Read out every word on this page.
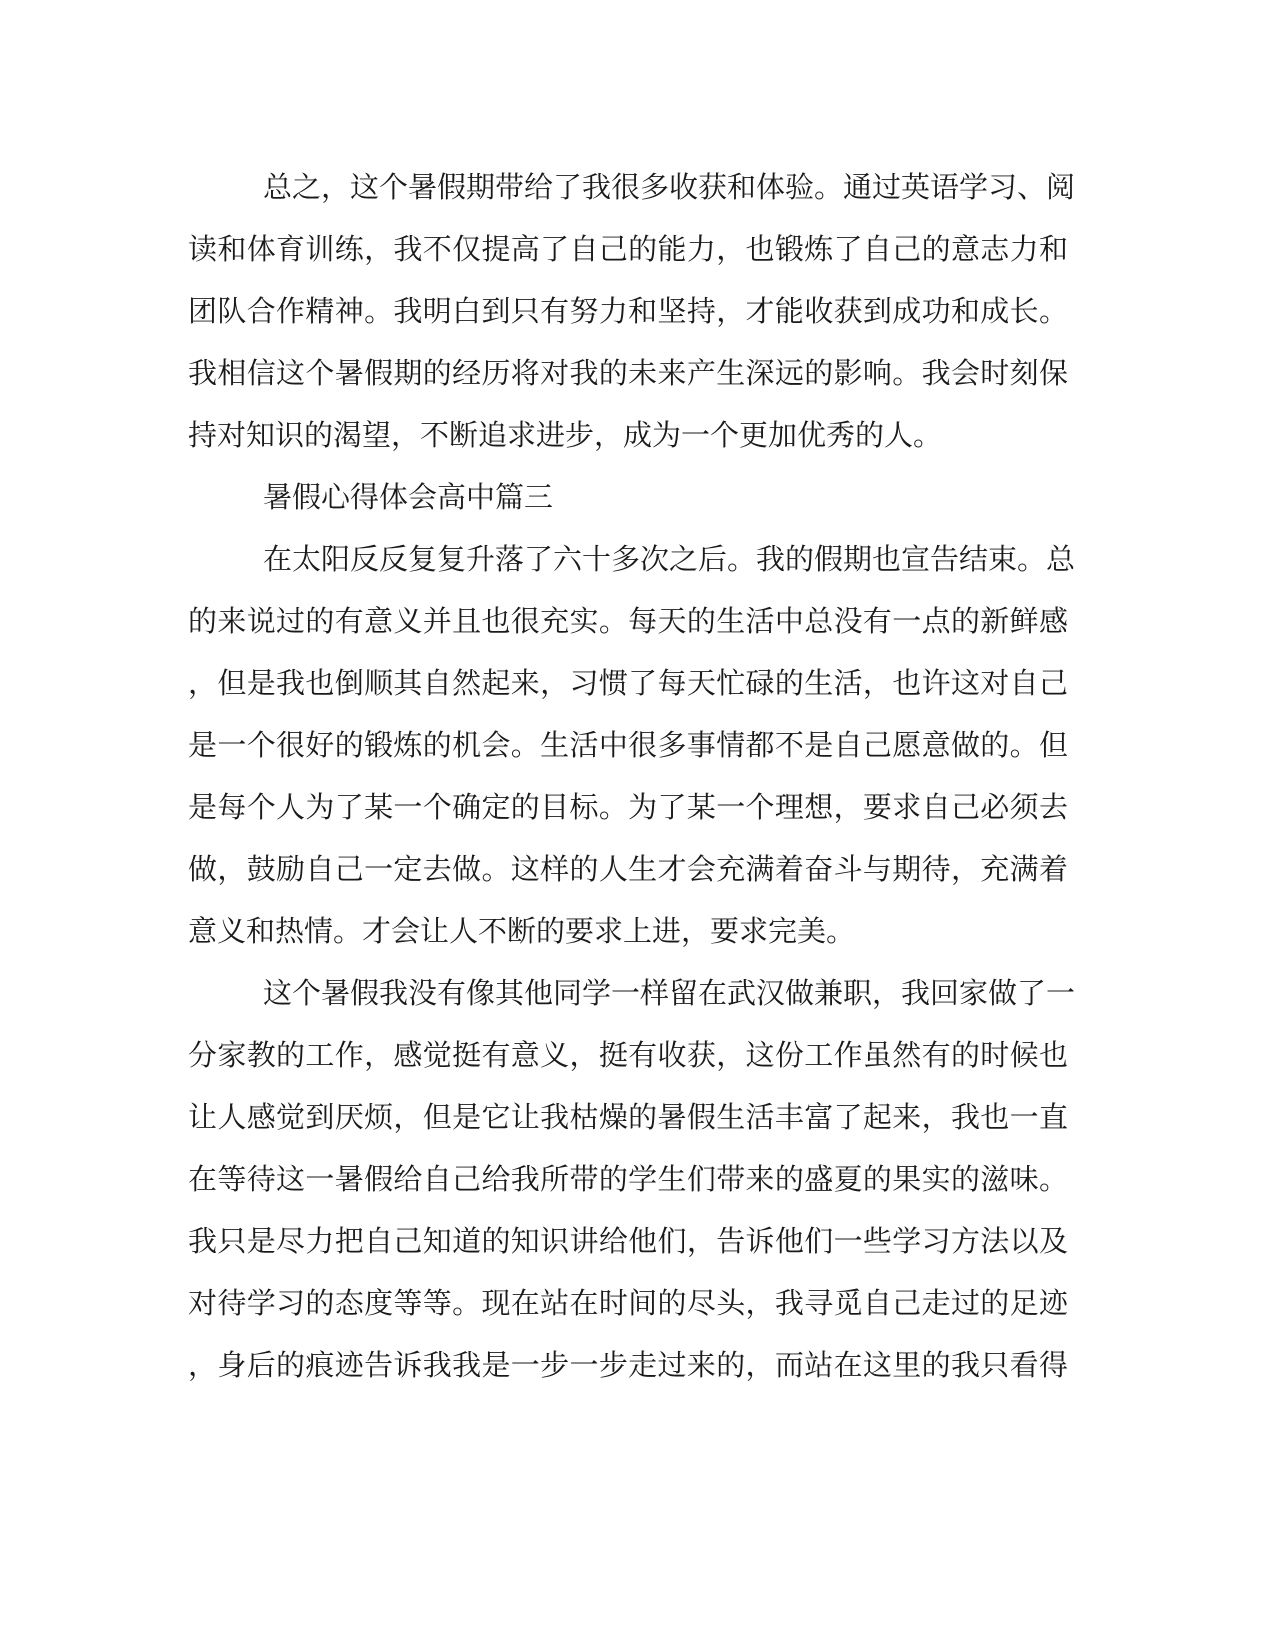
总之，这个暑假期带给了我很多收获和体验。通过英语学习、阅
读和体育训练，我不仅提高了自己的能力，也锻炼了自己的意志力和
团队合作精神。我明白到只有努力和坚持，才能收获到成功和成长。
我相信这个暑假期的经历将对我的未来产生深远的影响。我会时刻保
持对知识的渴望，不断追求进步，成为一个更加优秀的人。
暑假心得体会高中篇三
在太阳反反复复升落了六十多次之后。我的假期也宣告结束。总
的来说过的有意义并且也很充实。每天的生活中总没有一点的新鲜感
，但是我也倒顺其自然起来，习惯了每天忙碌的生活，也许这对自己
是一个很好的锻炼的机会。生活中很多事情都不是自己愿意做的。但
是每个人为了某一个确定的目标。为了某一个理想，要求自己必须去
做，鼓励自己一定去做。这样的人生才会充满着奋斗与期待，充满着
意义和热情。才会让人不断的要求上进，要求完美。
这个暑假我没有像其他同学一样留在武汉做兼职，我回家做了一
分家教的工作，感觉挺有意义，挺有收获，这份工作虽然有的时候也
让人感觉到厌烦，但是它让我枯燥的暑假生活丰富了起来，我也一直
在等待这一暑假给自己给我所带的学生们带来的盛夏的果实的滋味。
我只是尽力把自己知道的知识讲给他们，告诉他们一些学习方法以及
对待学习的态度等等。现在站在时间的尽头，我寻觅自己走过的足迹
，身后的痕迹告诉我我是一步一步走过来的，而站在这里的我只看得
